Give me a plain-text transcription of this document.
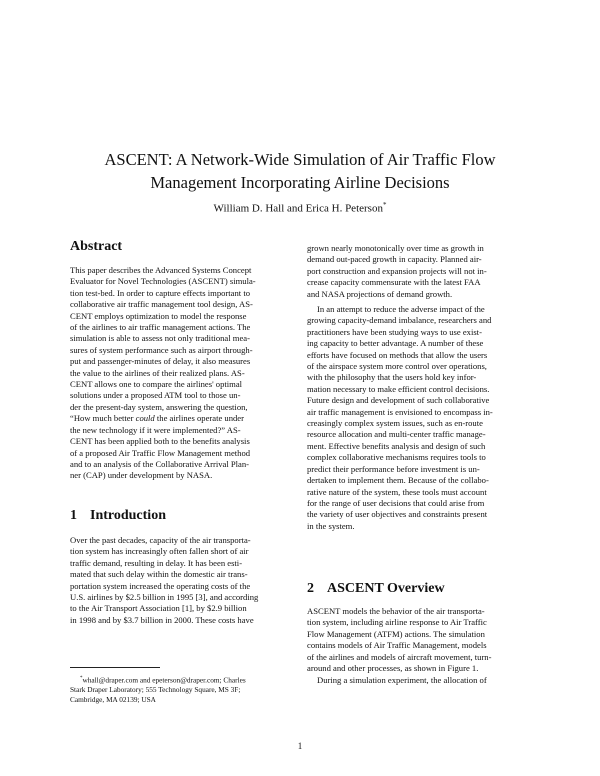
ASCENT: A Network-Wide Simulation of Air Traffic Flow
Management Incorporating Airline Decisions
William D. Hall and Erica H. Peterson*
Abstract
This paper describes the Advanced Systems Concept
Evaluator for Novel Technologies (ASCENT) simula-
tion test-bed. In order to capture effects important to
collaborative air traffic management tool design, AS-
CENT employs optimization to model the response
of the airlines to air traffic management actions. The
simulation is able to assess not only traditional mea-
sures of system performance such as airport through-
put and passenger-minutes of delay, it also measures
the value to the airlines of their realized plans. AS-
CENT allows one to compare the airlines' optimal
solutions under a proposed ATM tool to those un-
der the present-day system, answering the question,
“How much better could the airlines operate under
the new technology if it were implemented?” AS-
CENT has been applied both to the benefits analysis
of a proposed Air Traffic Flow Management method
and to an analysis of the Collaborative Arrival Plan-
ner (CAP) under development by NASA.
1 Introduction
Over the past decades, capacity of the air transporta-
tion system has increasingly often fallen short of air
traffic demand, resulting in delay. It has been esti-
mated that such delay within the domestic air trans-
portation system increased the operating costs of the
U.S. airlines by $2.5 billion in 1995 [3], and according
to the Air Transport Association [1], by $2.9 billion
in 1998 and by $3.7 billion in 2000. These costs have
*whall@draper.com and epeterson@draper.com; Charles
Stark Draper Laboratory; 555 Technology Square, MS 3F;
Cambridge, MA 02139; USA
grown nearly monotonically over time as growth in
demand out-paced growth in capacity. Planned air-
port construction and expansion projects will not in-
crease capacity commensurate with the latest FAA
and NASA projections of demand growth.
In an attempt to reduce the adverse impact of the
growing capacity-demand imbalance, researchers and
practitioners have been studying ways to use exist-
ing capacity to better advantage. A number of these
efforts have focused on methods that allow the users
of the airspace system more control over operations,
with the philosophy that the users hold key infor-
mation necessary to make efficient control decisions.
Future design and development of such collaborative
air traffic management is envisioned to encompass in-
creasingly complex system issues, such as en-route
resource allocation and multi-center traffic manage-
ment. Effective benefits analysis and design of such
complex collaborative mechanisms requires tools to
predict their performance before investment is un-
dertaken to implement them. Because of the collabo-
rative nature of the system, these tools must account
for the range of user decisions that could arise from
the variety of user objectives and constraints present
in the system.
2 ASCENT Overview
ASCENT models the behavior of the air transporta-
tion system, including airline response to Air Traffic
Flow Management (ATFM) actions. The simulation
contains models of Air Traffic Management, models
of the airlines and models of aircraft movement, turn-
around and other processes, as shown in Figure 1.
During a simulation experiment, the allocation of
1
